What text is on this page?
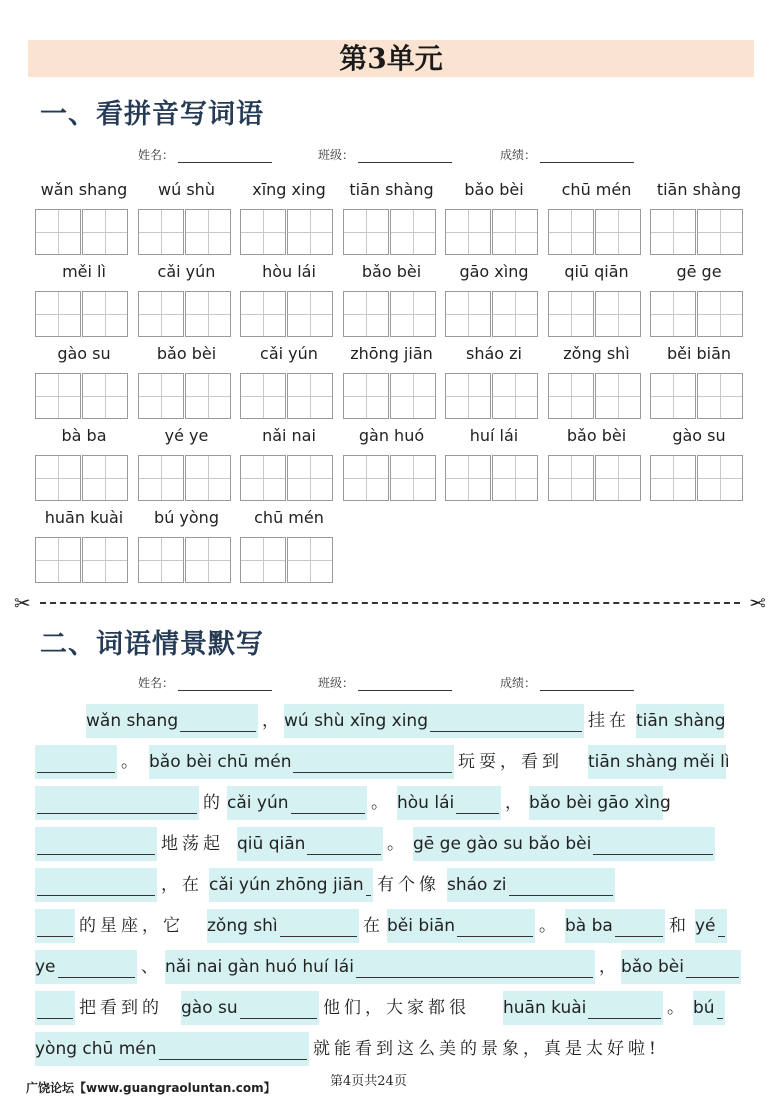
第3单元
一、看拼音写词语
姓名：	班级：	成绩：
wǎn shang	wú shù	xīng xing	tiān shàng	bǎo bèi	chū mén	tiān shàng
měi lì	cǎi yún	hòu lái	bǎo bèi	gāo xìng	qiū qiān	gē ge
gào su	bǎo bèi	cǎi yún	zhōng jiān	sháo zi	zǒng shì	běi biān
bà ba	yé ye	nǎi nai	gàn huó	huí lái	bǎo bèi	gào su
huān kuài	bú yòng	chū mén
✂	✂
二、词语情景默写
姓名：	班级：	成绩：
wǎn shang	， wú shù xīng xing	挂在 tiān shàng
。 bǎo bèi chū mén	玩耍，看到 tiān shàng měi lì
的 cǎi yún	。 hòu lái	， bǎo bèi gāo xìng
地荡起 qiū qiān	。 gē ge gào su bǎo bèi
，在 cǎi yún zhōng jiān 有个像 sháo zi
的星座，它 zǒng shì	在 běi biān	。 bà ba	和 yé
ye	、 nǎi nai gàn huó huí lái	， bǎo bèi
把看到的 gào su	他们，大家都很 huān kuài	。 bú
yòng chū mén	就能看到这么美的景象，真是太好啦!
广饶论坛【www.guangraoluntan.com】	第4页共24页
